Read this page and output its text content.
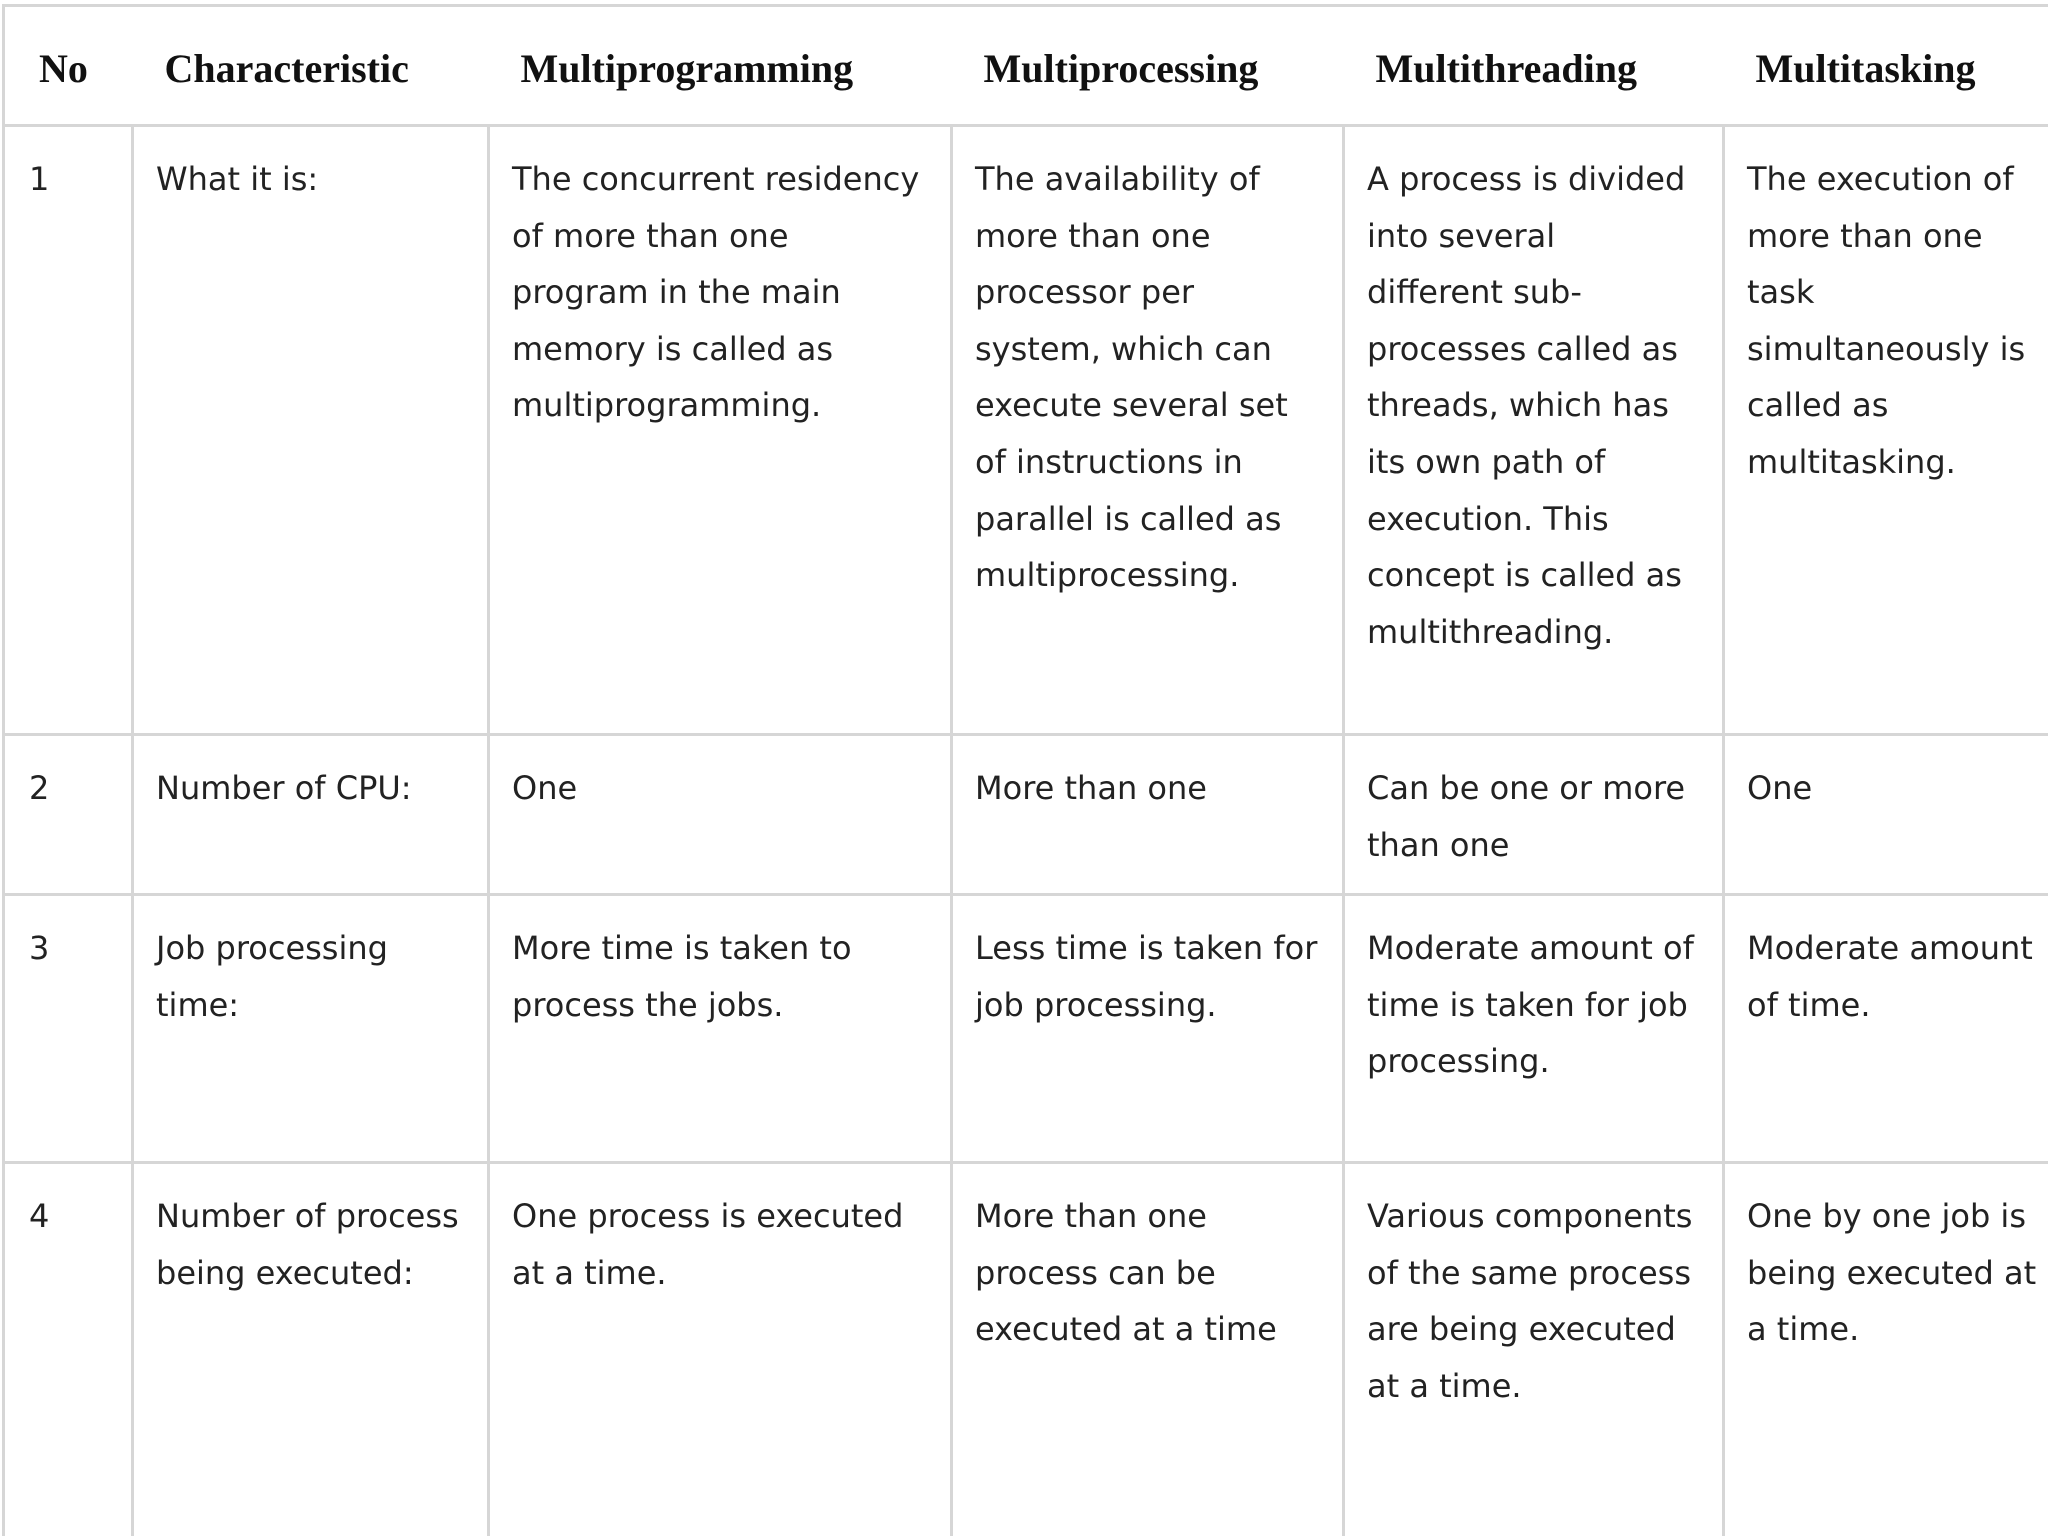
No	Characteristic	Multiprogramming	Multiprocessing	Multithreading	Multitasking
1	What it is:	The concurrent residency of more than one program in the main memory is called as multiprogramming.	The availability of more than one processor per system, which can execute several set of instructions in parallel is called as multiprocessing.	A process is divided into several different sub-processes called as threads, which has its own path of execution. This concept is called as multithreading.	The execution of more than one task simultaneously is called as multitasking.
2	Number of CPU:	One	More than one	Can be one or more than one	One
3	Job processing time:	More time is taken to process the jobs.	Less time is taken for job processing.	Moderate amount of time is taken for job processing.	Moderate amount of time.
4	Number of process being executed:	One process is executed at a time.	More than one process can be executed at a time	Various components of the same process are being executed at a time.	One by one job is being executed at a time.
